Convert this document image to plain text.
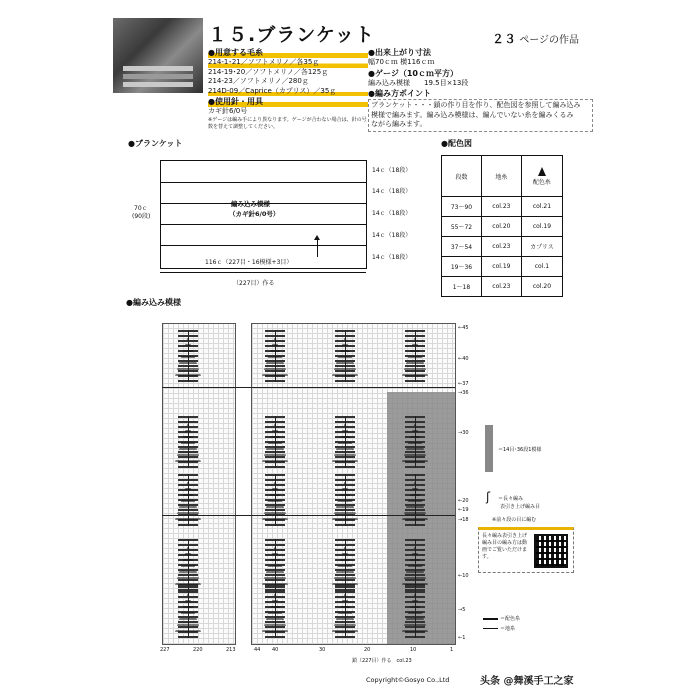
１５.ブランケット	２３ ページの作品
●用意する毛糸
214-1･21／ソフトメリノ／各35ｇ
214-19･20／ソフトメリノ／各125ｇ
214-23／ソフトメリノ／280ｇ
214D-09／Caprice（カプリス）／35ｇ
●使用針・用具
カギ針6/0号
※ゲージは編み手により異なります。ゲージが合わない場合は、針の号数を替えて調整してください。
●出来上がり寸法
幅70ｃｍ 横116ｃｍ
●ゲージ（10ｃｍ平方）
編み込み模様　　19.5目×13段
●編み方ポイント
ブランケット・・・鎖の作り目を作り、配色図を参照して編み込み
模様で編みます。編み込み模様は、編んでいない糸を編みくるみ
ながら編みます。
●ブランケット
編み込み模様
（カギ針6/0号）
116ｃ（227目・16模様+3目）
70ｃ
(90段)
（227目）作る
14ｃ（18段）
14ｃ（18段）
14ｃ（18段）
14ｃ（18段）
14ｃ（18段）
●配色図
段数	地糸	配色糸
73〜90	col.23	col.21
55〜72	col.20	col.19
37〜54	col.23	カプリス
19〜36	col.19	col.1
1〜18	col.23	col.20
●編み込み模様
←45
←40
←37
→36
→30
←20
←19
→18
←10
→5
←1
227	220	213	44 40	30	20	10	1
鎖（227目）作る　col.23
＝14目･36段1模様
ʃ ＝長々編み
表引き上げ編み目
※前々段の目に編む
長々編み表引き上げ編み目の編み方は動画でご覧いただけます。
＝配色糸
＝地糸
Copyright©Gosyo Co.,Ltd	头条 @舞溪手工之家
